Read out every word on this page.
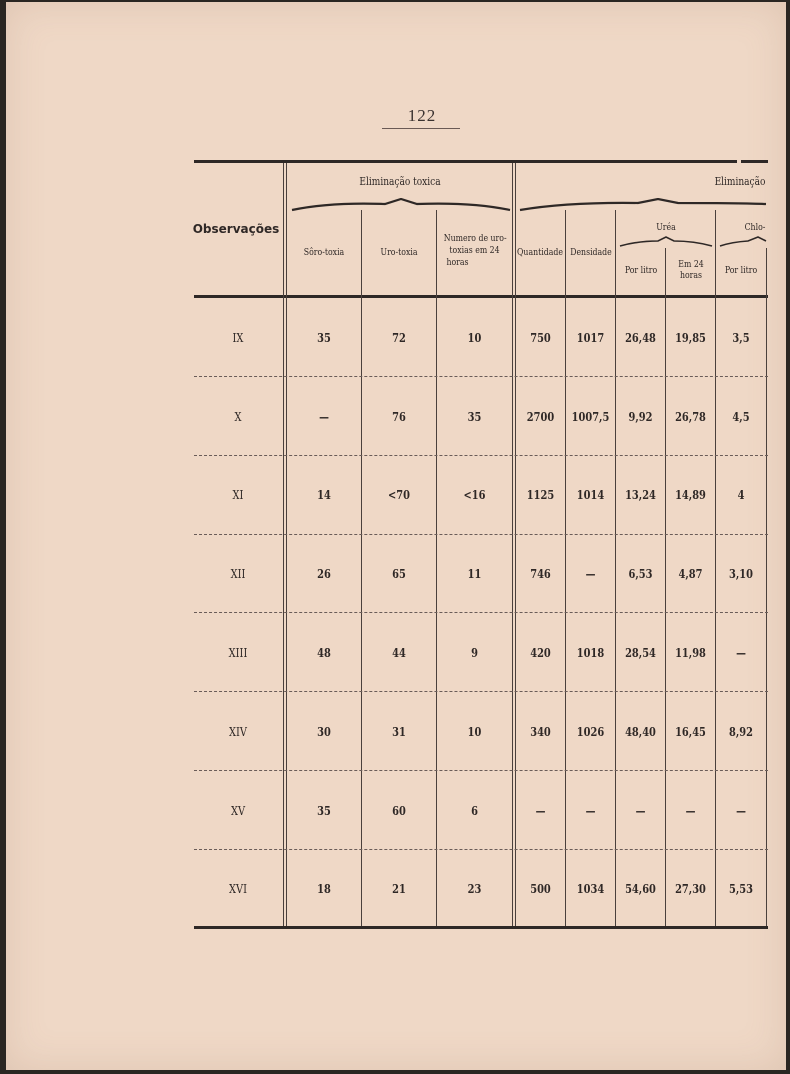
122
Observações
Eliminação toxica	Eliminação
Sôro-toxia	Uro-toxia
Numero de uro-
toxias em 24
horas
Quantidade Densidade
Uréa	Chlo-
Por litro
Em 24
horas	Por litro
IX	35	72	10	750	1017	26,48	19,85	3,5
X	—	76	35	2700	1007,5	9,92	26,78	4,5
XI	14	<70	<16	1125	1014	13,24	14,89	4
XII	26	65	11	746	—	6,53	4,87	3,10
XIII	48	44	9	420	1018	28,54	11,98	—
XIV	30	31	10	340	1026	48,40	16,45	8,92
XV	35	60	6	—	—	—	—	—
XVI	18	21	23	500	1034	54,60	27,30	5,53
